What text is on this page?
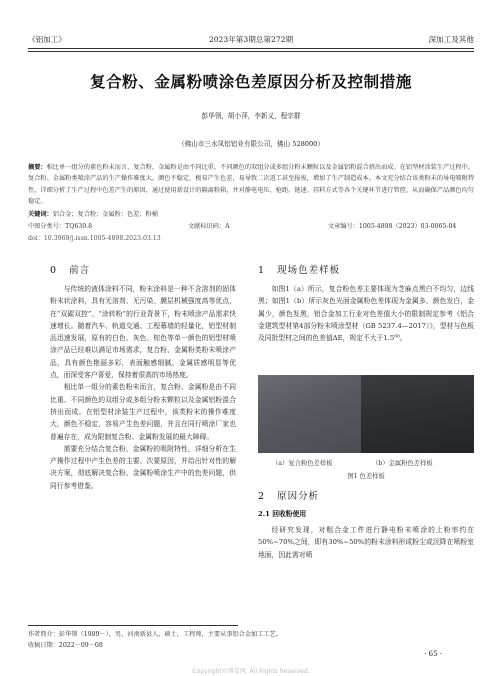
《铝加工》	2023年第3期总第272期	深加工及其他
复合粉、金属粉喷涂色差原因分析及控制措施
彭华领，胡小萍，李新义，程宗群
（佛山市三水凤铝铝业有限公司，佛山 528000）
摘要：相比单一组分的素色粉末而言，复合粉、金属粉是由不同比重、不同颜色的双组分或多组分粉末颗粒以及金属铝粉混合挤出而成。在铝型材涂装生产过程中，复合粉、金属粉类喷涂产品的生产操作难度大，颜色不稳定，极易产生色差，易导致二次返工甚至报废，增加了生产制造成本。本文充分结合该类粉末的导电喷附特性，详细分析了生产过程中色差产生的原因，通过使用新设计的隔离粉箱，并对静电电压、枪距、链速、挂料方式等各个关键环节进行管控，从而确保产品颜色均匀稳定。
关键词：铝合金；复合粉；金属粉；色差；粉桶
中图分类号：TQ639.8	文献标识码：A	文章编号：1005-4898（2023）03-0065-04
doi：10.3969/j.issn.1005-4898.2023.03.13
0 前言

与传统的液体涂料不同，粉末涂料是一种不含溶剂的固体粉末状涂料，具有无溶剂、无污染、膜层机械强度高等优点，在“双碳双控”、“涂转粉”的行业背景下，粉末喷涂产品需求快速增长。随着汽车、轨道交通、工程幕墙的轻量化，铝型材制品迅速发展，原有的白色、灰色、棕色等单一颜色的铝型材喷涂产品已经难以满足市场需求，复合粉、金属粉类粉末喷涂产品，具有颜色艳丽多彩，表面触感细腻，金属质感明显等优点，而深受客户喜爱，保持着很高的市场热度。

相比单一组分的素色粉末而言，复合粉、金属粉是由不同比重、不同颜色的双组分或多组分粉末颗粒以及金属铝粉混合挤出而成。在铝型材涂装生产过程中，该类粉末的操作难度大，颜色不稳定，容易产生色差问题，并且在同行喷涂厂家也普遍存在，成为限制复合粉、金属粉发展的最大障碍。

需要充分结合复合粉、金属粉的吸附特性，详细分析在生产操作过程中产生色差的主要、次要原因，并给出针对性的解决方案，彻底解决复合粉、金属粉喷涂生产中的色差问题，供同行参考借鉴。

1 现场色差样板

如图1（a）所示，复合粉色差主要体现为芝麻点黑白不均匀，边线黑；如图1（b）所示灰色光面金属粉色差体现为金属多、颜色发白，金属少，颜色发黑，铝合金加工行业对色差值大小的限制规定参考《铝合金建筑型材第4部分粉末喷涂型材（GB 5237.4—2017）》，型材与色板及同批型材之间的色差值ΔE，规定不大于1.5⁰⁰。

（a）复合粉色差样板	（b）金属粉色差样板
图1 色差样板
2 原因分析
2.1 回收粉使用

经研究发现，对粗合金工件进行静电粉末喷涂的上粉率约在50%~70%之间，即有30%~50%的粉末涂料形成粉尘或沉降在喷粉室地面，因此需对喷

作者简介：彭华领（1989－），男，河南新县人，硕士，工程师，主要从事铝合金加工工艺。
收稿日期：2022－09－08
· 65 ·
Copyright©博看网. All Rights Reserved.
